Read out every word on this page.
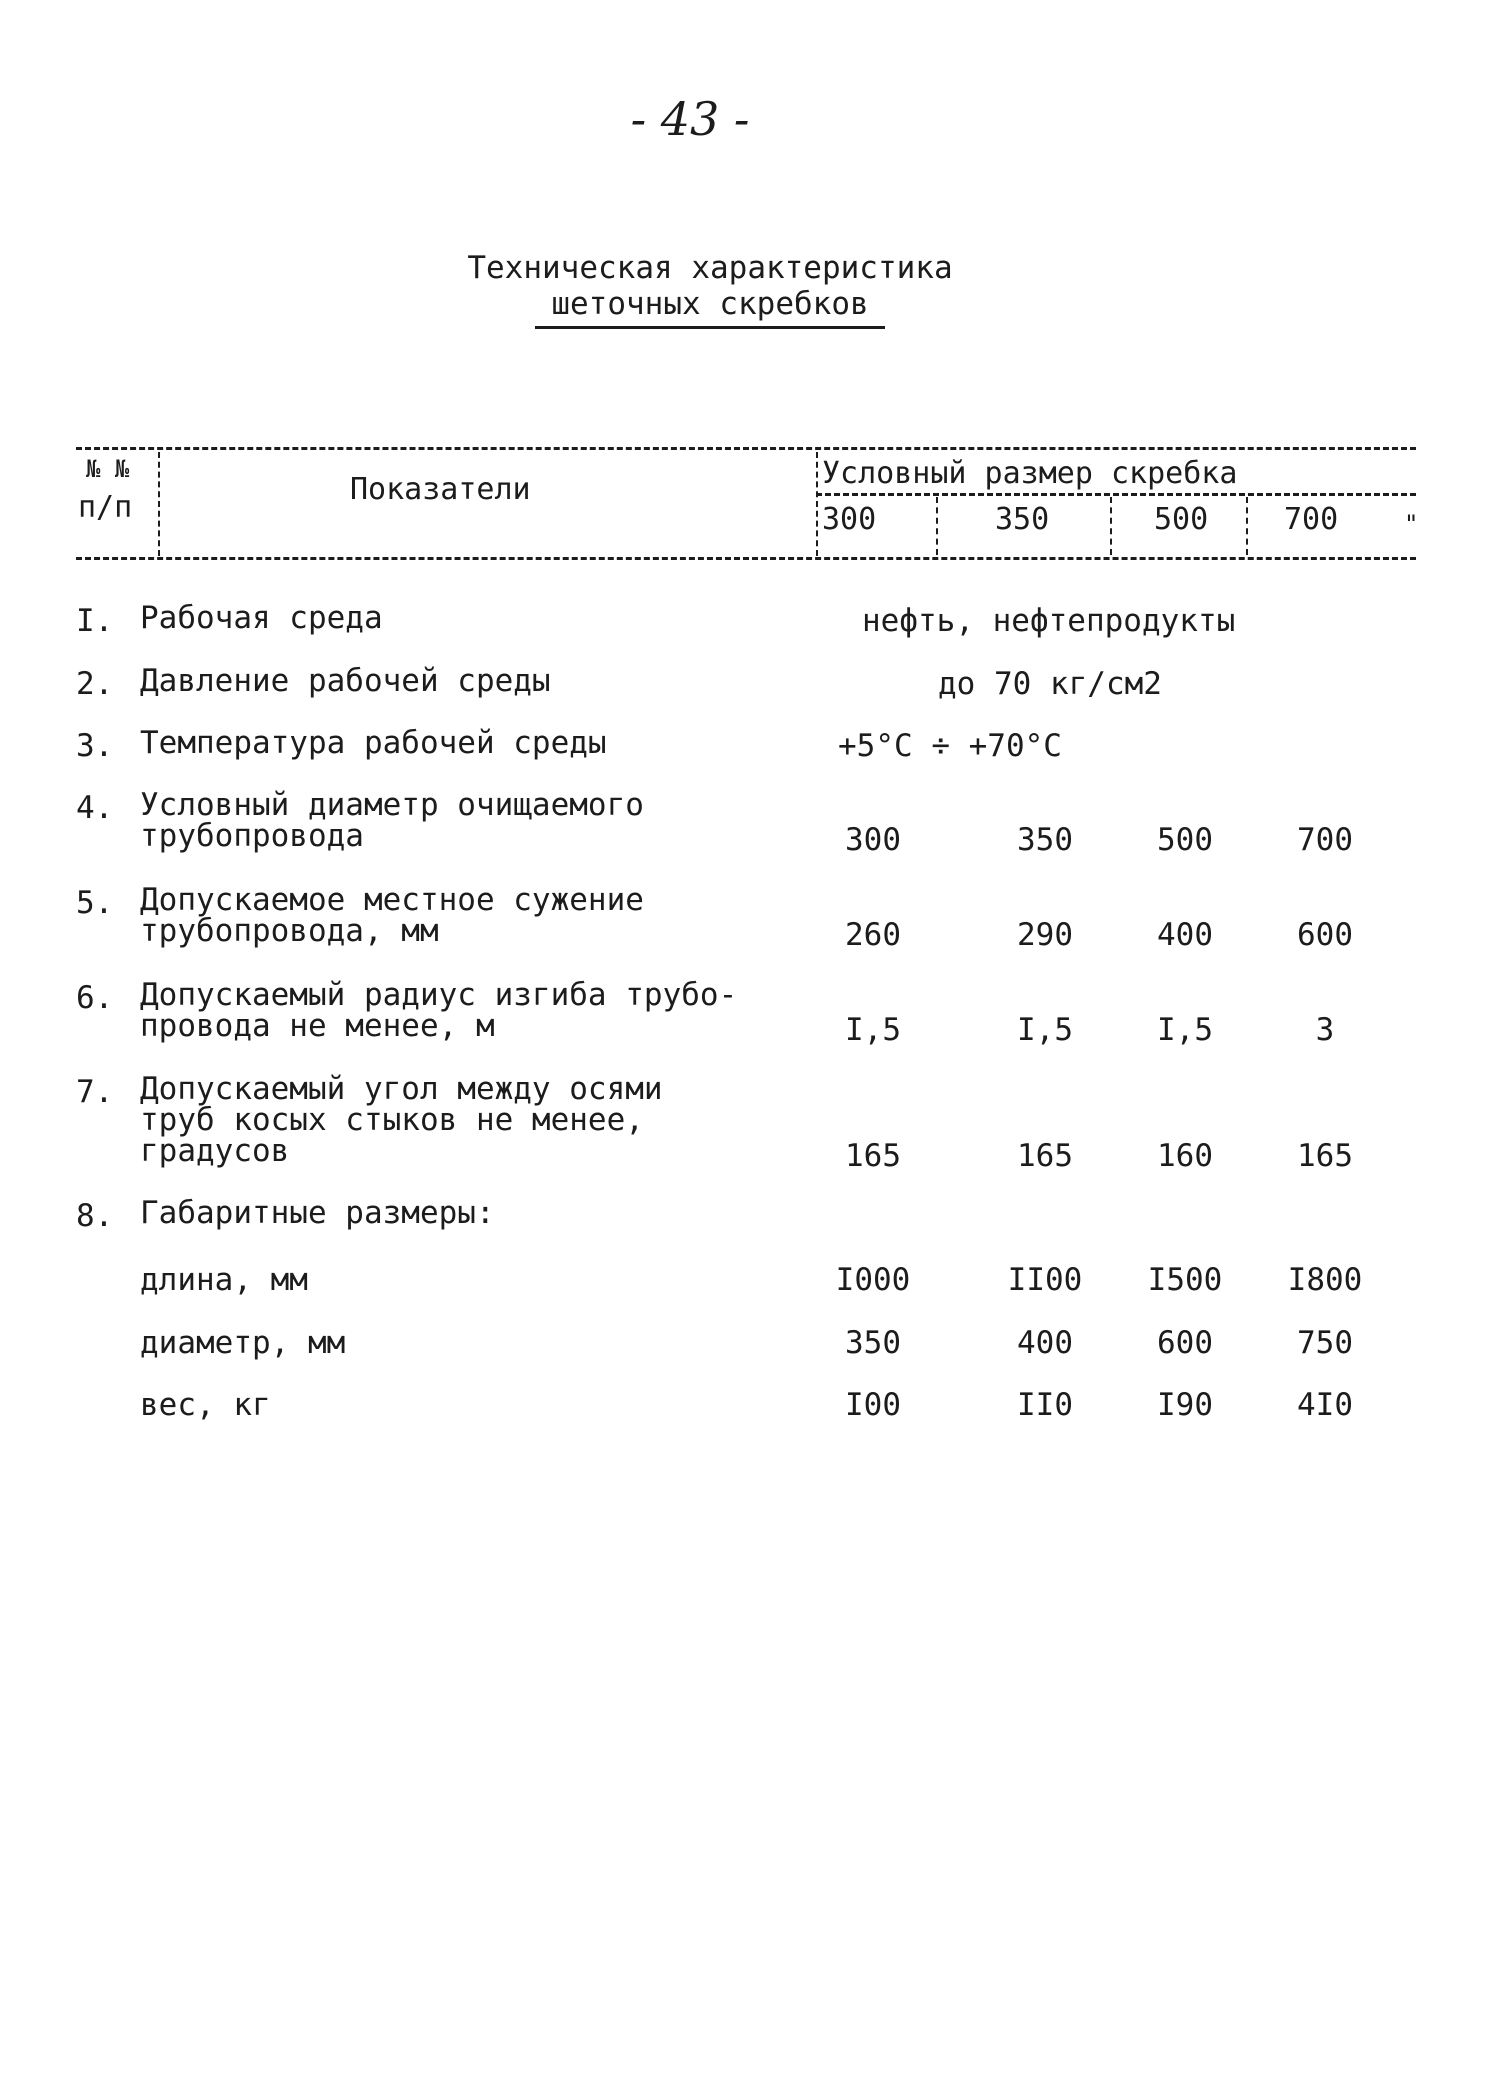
- 43 -
Техническая характеристика
шеточных скребков
№ №
п/п
Показатели	Условный размер скребка
300	350	500	700	"
I. Рабочая среда	нефть, нефтепродукты
2. Давление рабочей среды	до 70 кг/см2
3. Температура рабочей среды	+5°С ÷ +70°С
4. Условный диаметр очищаемого
трубопровода	300	350	500	700
5. Допускаемое местное сужение
трубопровода, мм	260	290	400	600
6. Допускаемый радиус изгиба трубо-
провода не менее, м	I,5	I,5	I,5	3
7. Допускаемый угол между осями
труб косых стыков не менее,
градусов	165	165	160	165
8. Габаритные размеры:
длина, мм	I000	II00	I500	I800
диаметр, мм	350	400	600	750
вес, кг	I00	II0	I90	4I0
